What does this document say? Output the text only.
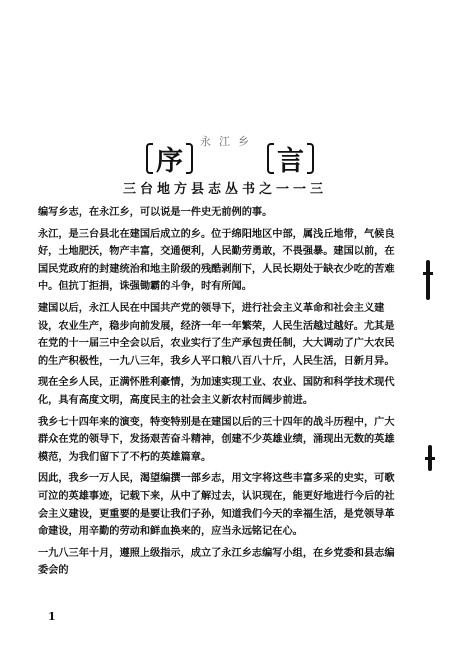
永江乡
序	言
三台地方县志丛书之一一三

编写乡志，在永江乡，可以说是一件史无前例的事。

永江，是三台县北在建国后成立的乡。位于绵阳地区中部，属浅丘地带，气候良好，土地肥沃，物产丰富，交通便利，人民勤劳勇敢，不畏强暴。建国以前，在国民党政府的封建统治和地主阶级的残酷剥削下，人民长期处于缺衣少吃的苦难中。但抗丁拒捐，诛强锄霸的斗争，时有所闻。

建国以后，永江人民在中国共产党的领导下，进行社会主义革命和社会主义建设，农业生产，稳步向前发展，经济一年一年繁荣，人民生活越过越好。尤其是在党的十一届三中全会以后，农业实行了生产承包责任制，大大调动了广大农民的生产积极性，一九八三年，我乡人平口粮八百八十斤，人民生活，日新月异。

现在全乡人民，正满怀胜利豪情，为加速实现工业、农业、国防和科学技术现代化，具有高度文明，高度民主的社会主义新农村而阔步前进。

我乡七十四年来的演变，特变特别是在建国以后的三十四年的战斗历程中，广大群众在党的领导下，发扬艰苦奋斗精神，创建不少英雄业绩，涌现出无数的英雄模范，为我们留下了不朽的英雄篇章。

因此，我乡一万人民，渴望编撰一部乡志，用文字将这些丰富多采的史实，可歌可泣的英雄事迹，记载下来，从中了解过去，认识现在，能更好地进行今后的社会主义建设，更重要的是要让我们子孙，知道我们今天的幸福生活，是党领导革命建设，用辛勤的劳动和鲜血换来的，应当永远铭记在心。

一九八三年十月，遵照上级指示，成立了永江乡志编写小组，在乡党委和县志编委会的

1
